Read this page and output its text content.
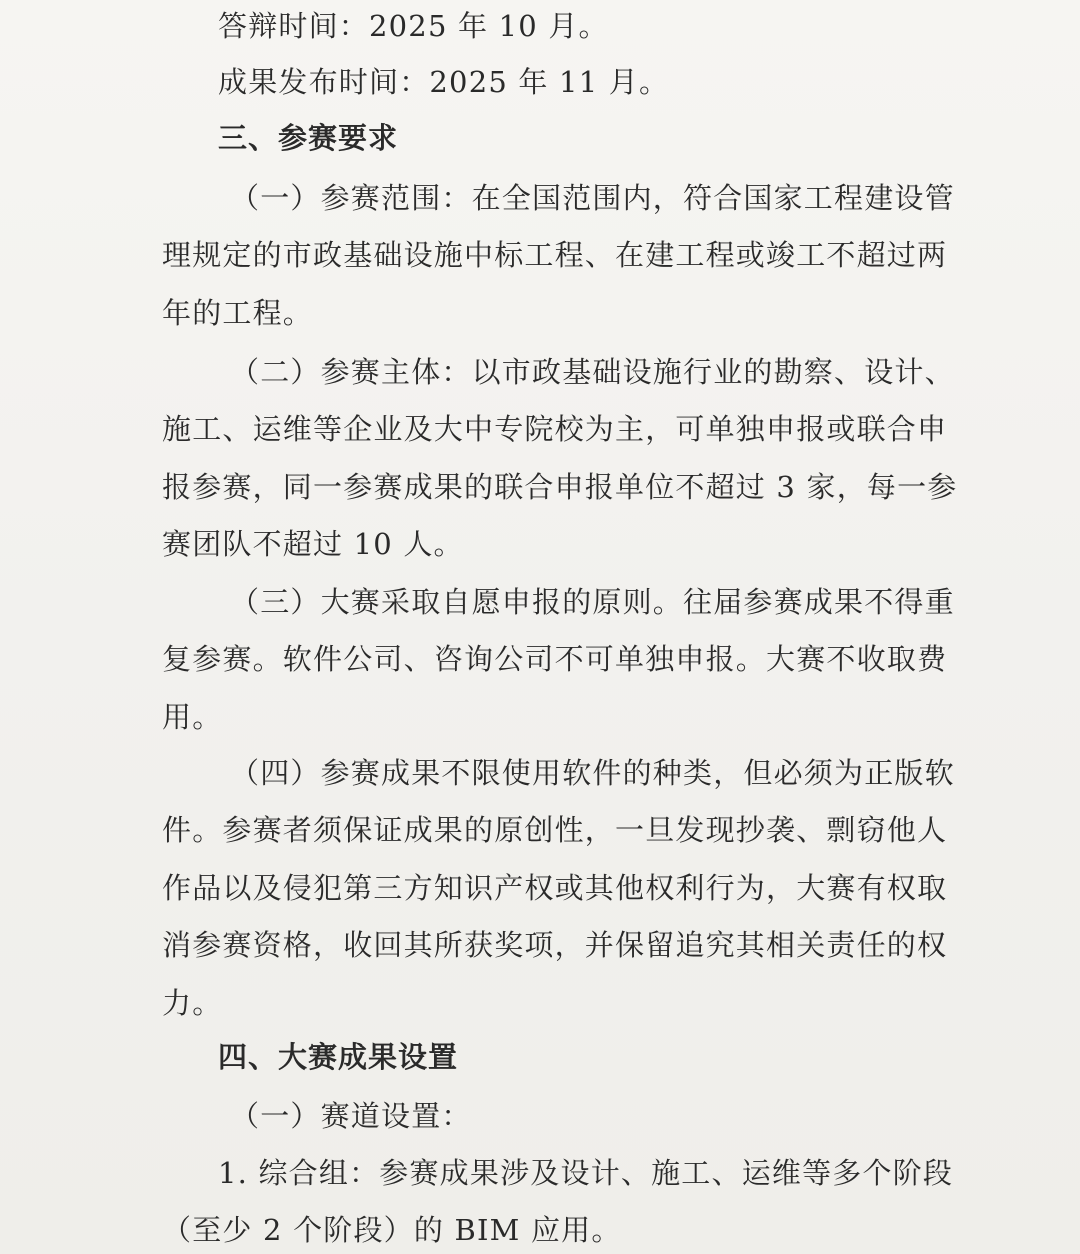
答辩时间：2025 年 10 月。
成果发布时间：2025 年 11 月。
三、参赛要求
（一）参赛范围：在全国范围内，符合国家工程建设管
理规定的市政基础设施中标工程、在建工程或竣工不超过两
年的工程。
（二）参赛主体：以市政基础设施行业的勘察、设计、
施工、运维等企业及大中专院校为主，可单独申报或联合申
报参赛，同一参赛成果的联合申报单位不超过 3 家，每一参
赛团队不超过 10 人。
（三）大赛采取自愿申报的原则。往届参赛成果不得重
复参赛。软件公司、咨询公司不可单独申报。大赛不收取费
用。
（四）参赛成果不限使用软件的种类，但必须为正版软
件。参赛者须保证成果的原创性，一旦发现抄袭、剽窃他人
作品以及侵犯第三方知识产权或其他权利行为，大赛有权取
消参赛资格，收回其所获奖项，并保留追究其相关责任的权
力。
四、大赛成果设置
（一）赛道设置：
1. 综合组：参赛成果涉及设计、施工、运维等多个阶段
（至少 2 个阶段）的 BIM 应用。
